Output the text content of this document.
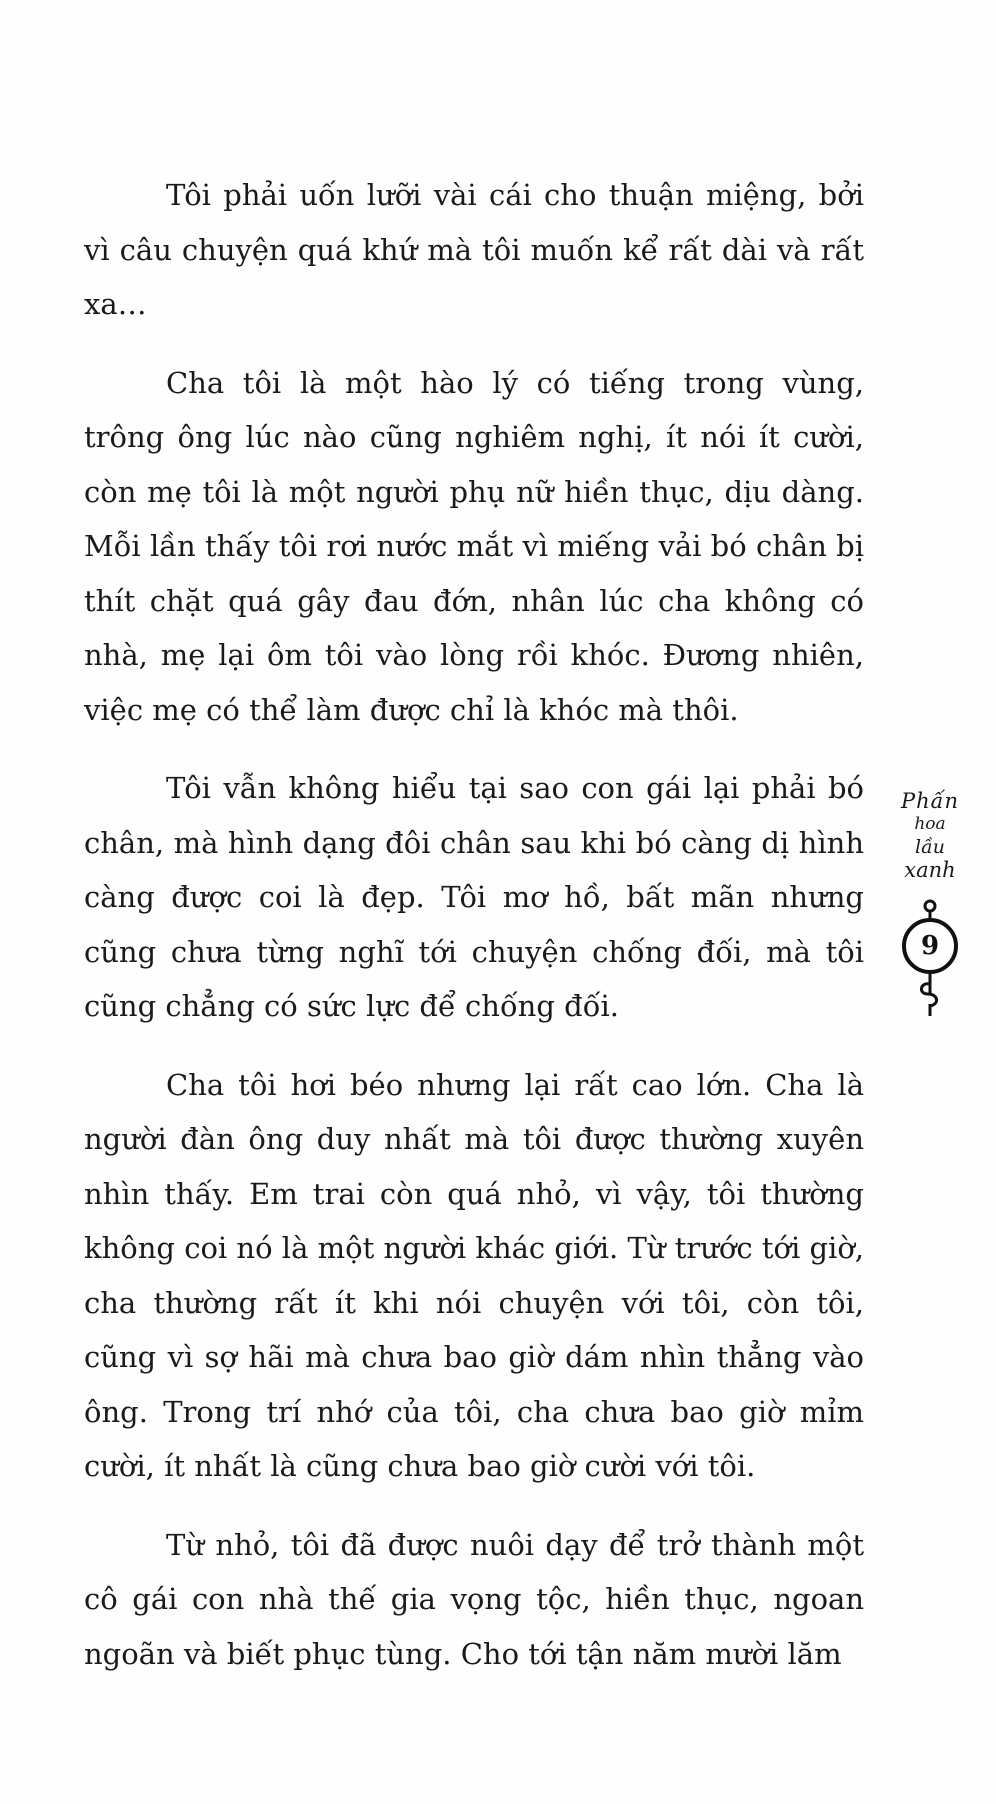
Tôi phải uốn lưỡi vài cái cho thuận miệng, bởi vì câu chuyện quá khứ mà tôi muốn kể rất dài và rất xa…

Cha tôi là một hào lý có tiếng trong vùng, trông ông lúc nào cũng nghiêm nghị, ít nói ít cười, còn mẹ tôi là một người phụ nữ hiền thục, dịu dàng. Mỗi lần thấy tôi rơi nước mắt vì miếng vải bó chân bị thít chặt quá gây đau đớn, nhân lúc cha không có nhà, mẹ lại ôm tôi vào lòng rồi khóc. Đương nhiên, việc mẹ có thể làm được chỉ là khóc mà thôi.

Tôi vẫn không hiểu tại sao con gái lại phải bó chân, mà hình dạng đôi chân sau khi bó càng dị hình càng được coi là đẹp. Tôi mơ hồ, bất mãn nhưng cũng chưa từng nghĩ tới chuyện chống đối, mà tôi cũng chẳng có sức lực để chống đối.

Cha tôi hơi béo nhưng lại rất cao lớn. Cha là người đàn ông duy nhất mà tôi được thường xuyên nhìn thấy. Em trai còn quá nhỏ, vì vậy, tôi thường không coi nó là một người khác giới. Từ trước tới giờ, cha thường rất ít khi nói chuyện với tôi, còn tôi, cũng vì sợ hãi mà chưa bao giờ dám nhìn thẳng vào ông. Trong trí nhớ của tôi, cha chưa bao giờ mỉm cười, ít nhất là cũng chưa bao giờ cười với tôi.

Từ nhỏ, tôi đã được nuôi dạy để trở thành một cô gái con nhà thế gia vọng tộc, hiền thục, ngoan ngoãn và biết phục tùng. Cho tới tận năm mười lăm

Phấn
hoa
lầu
xanh
9
